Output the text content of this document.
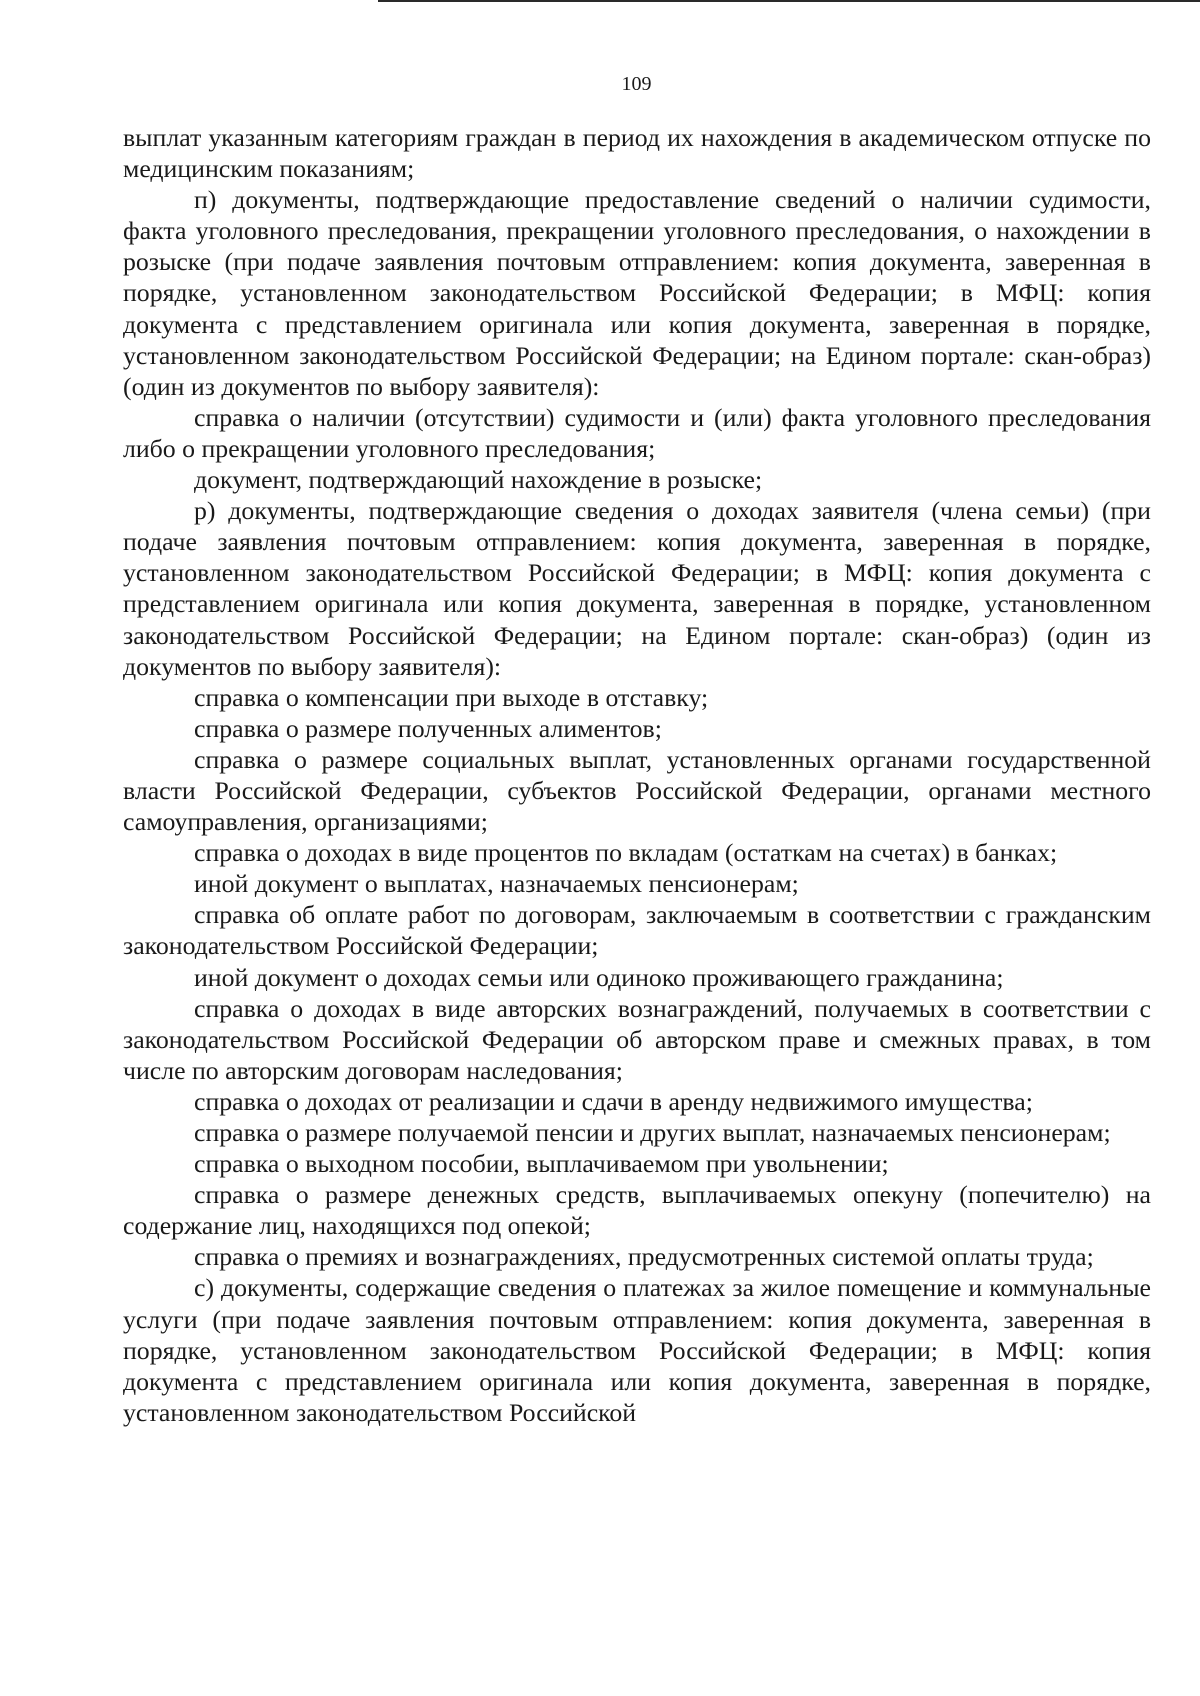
109

выплат указанным категориям граждан в период их нахождения в академическом отпуске по медицинским показаниям;

п) документы, подтверждающие предоставление сведений о наличии судимости, факта уголовного преследования, прекращении уголовного преследования, о нахождении в розыске (при подаче заявления почтовым отправлением: копия документа, заверенная в порядке, установленном законодательством Российской Федерации; в МФЦ: копия документа с представлением оригинала или копия документа, заверенная в порядке, установленном законодательством Российской Федерации; на Едином портале: скан-образ) (один из документов по выбору заявителя):

справка о наличии (отсутствии) судимости и (или) факта уголовного преследования либо о прекращении уголовного преследования;

документ, подтверждающий нахождение в розыске;

р) документы, подтверждающие сведения о доходах заявителя (члена семьи) (при подаче заявления почтовым отправлением: копия документа, заверенная в порядке, установленном законодательством Российской Федерации; в МФЦ: копия документа с представлением оригинала или копия документа, заверенная в порядке, установленном законодательством Российской Федерации; на Едином портале: скан-образ) (один из документов по выбору заявителя):

справка о компенсации при выходе в отставку;

справка о размере полученных алиментов;

справка о размере социальных выплат, установленных органами государственной власти Российской Федерации, субъектов Российской Федерации, органами местного самоуправления, организациями;

справка о доходах в виде процентов по вкладам (остаткам на счетах) в банках;

иной документ о выплатах, назначаемых пенсионерам;

справка об оплате работ по договорам, заключаемым в соответствии с гражданским законодательством Российской Федерации;

иной документ о доходах семьи или одиноко проживающего гражданина;

справка о доходах в виде авторских вознаграждений, получаемых в соответствии с законодательством Российской Федерации об авторском праве и смежных правах, в том числе по авторским договорам наследования;

справка о доходах от реализации и сдачи в аренду недвижимого имущества;

справка о размере получаемой пенсии и других выплат, назначаемых пенсионерам;

справка о выходном пособии, выплачиваемом при увольнении;

справка о размере денежных средств, выплачиваемых опекуну (попечителю) на содержание лиц, находящихся под опекой;

справка о премиях и вознаграждениях, предусмотренных системой оплаты труда;

с) документы, содержащие сведения о платежах за жилое помещение и коммунальные услуги (при подаче заявления почтовым отправлением: копия документа, заверенная в порядке, установленном законодательством Российской Федерации; в МФЦ: копия документа с представлением оригинала или копия документа, заверенная в порядке, установленном законодательством Российской
